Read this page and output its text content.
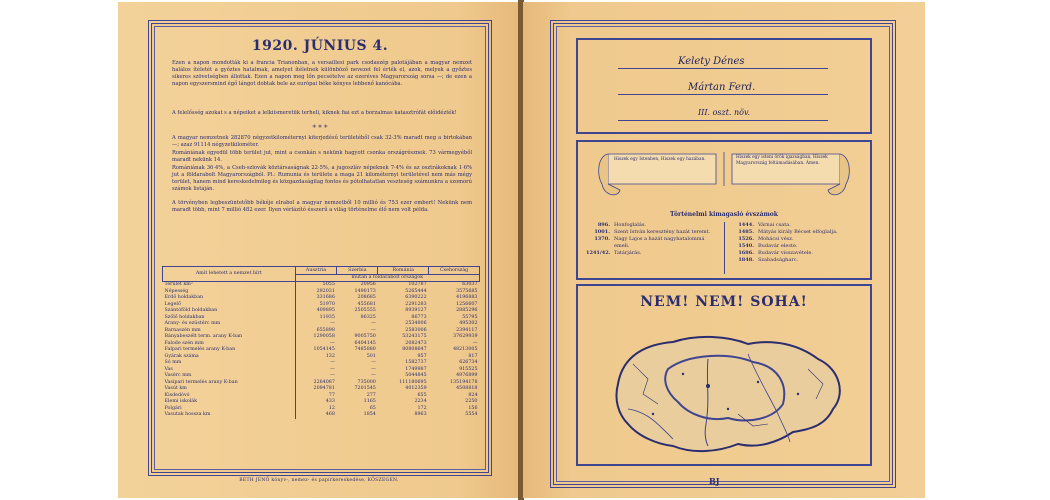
1920. JÚNIUS 4.
Ezen a napon mondották ki a francia Trianonban, a versaillesi park csodaszép palotájában a magyar nemzet halálos ítéletét a győztes hatalmak, amelyet ítéletnek különböző nevezet fel érték el, azok, melyek a győztes sikeres szövetségben állottak. Ezen a napon meg lőn pecsételve az ezeréves Magyarország sorsa —; de ezen a napon egyszersmind égő lángot dobtak bele az európai béke kényes lebbenő kanócába.
A felelősség azokat s a népeiket a lelkiismeretük terheli, kiknek fiai ezt a borzalmas katasztrófát előidézték!
* * *
A magyar nemzetnek 282870 négyzetkilométernyi kiterjedésű területéből csak 32·3% maradt meg a birtokában —; azaz 91114 négyzetkilométer.
Romániának egyedül több terület jut, mint a csonkán s nekünk hagyott csonka országrésznek. 73 vármegyéből maradt nekünk 14.
Romániának 36·4%, a Cseh-szlovák köztársaságnak 22·5%, a jugoszláv népeknek 7·4% és az osztrákoknak 1·6% jut a földarabolt Magyarországból. Pl.: Rumunia és területe a maga 21 kilométernyi területével nem más mégy terület, hanem mind kereskedelmileg és közgazdaságilag fontos és pótolhatatlan veszteség számunkra a szomorú számok listáján.
A törvényben legbeszüntetőbb békéje elrabol a magyar nemzetből 10 millió és 753 ezer embert! Nekünk nem maradt több, mint 7 millió 482 ezer. Ilyen vérlázító ésszerű a világ történelme élő nem volt példa.
Amit lehetett a nemzet bírt	Ausztria	Szerbia	Románia	Csehország
	mután a földarabolt országok			
Terület km²	5055	20956	102787	63037
Népesség	292031	1490173	5265444	3575685
Erdő holdakban	331686	208685	6390222	4196883
Legelő	51970	455681	2291283	1256607
Szántóföld holdakban	409895	2505555	8939127	2885296
Szőlő holdakban	11935	86325	86773	55795
Arany- és ezüstérc mm	—	—	2534006	495302
Barnaszén mm	655898	—	2583006	2394117
Bányabeszélt term. arany K-ban	1290058	9005750	53243175	37629939
Falode szén mm	—	6404145	2082473	—
Falpari termelés arany K-ban	1054145	7485880	80808647	48213005
Gyárak száma	132	501	957	817
Só mm	—	—	1582737	626734
Vas	—	—	1749987	915525
Vasérc mm	—	—	5044845	4976899
Vasipari termelés arany K-ban	2264087	735000	111180695	135194178
Vasút km	2094781	7201545	4012359	4508818
Kisdedóvó	77	277	655	824
Elemi iskolák	433	1165	2234	2250
Polgári	12	65	172	156
Vasutak hossza km	468	1854	8963	5554
BÉTH JENŐ könyv-, nemez- és papírkereskedése, KŐSZEGEN.
Kelety Dénes
Mártan Ferd.
III. oszt. növ.
Hiszek egy Istenben, Hiszek egy hazában.	Hiszek egy isteni örök igazságban, Hiszek Magyarország feltámadásában. Ámen.
Történelmi kimagasló évszámok
896. Honfoglalás.
1001. Szent István keresztény hazát teremt.
1370. Nagy Lajos a hazát nagyhatalommá emeli.
1241/42. Tatárjárás.
1444. Várnai csata.
1485. Mátyás király Bécset elfoglalja.
1526. Mohácsi vész.
1540. Budavár eleste.
1686. Budavár visszavétele.
1848. Szabadságharc.
NEM! NEM! SOHA!
BJ
